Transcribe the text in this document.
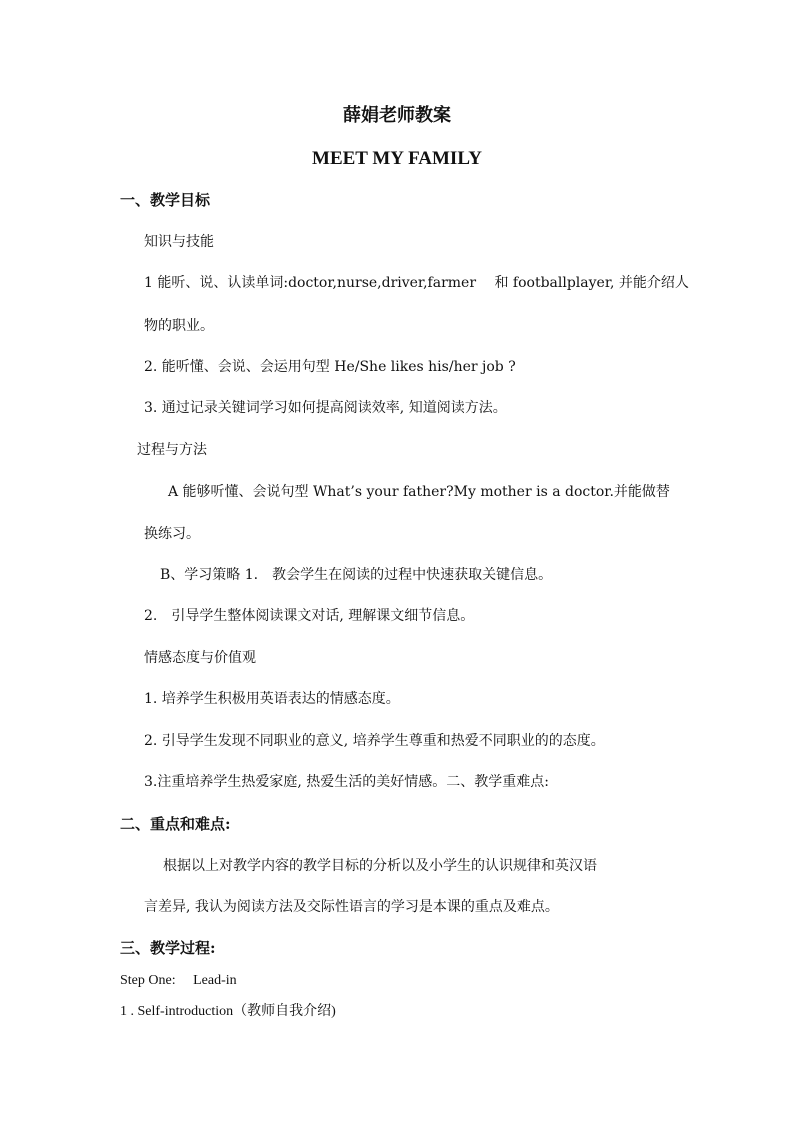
薛娟老师教案
MEET MY FAMILY
一、教学目标
知识与技能
1 能听、说、认读单词:doctor,nurse,driver,farmer　 和 footballplayer, 并能介绍人
物的职业。
2. 能听懂、会说、会运用句型 He/She likes his/her job ?
3. 通过记录关键词学习如何提高阅读效率, 知道阅读方法。
过程与方法
A 能够听懂、会说句型 What’s your father?My mother is a doctor.并能做替
换练习。
B、学习策略 1.　教会学生在阅读的过程中快速获取关键信息。
2.　引导学生整体阅读课文对话, 理解课文细节信息。
情感态度与价值观
1. 培养学生积极用英语表达的情感态度。
2. 引导学生发现不同职业的意义, 培养学生尊重和热爱不同职业的的态度。
3.注重培养学生热爱家庭, 热爱生活的美好情感。二、教学重难点:
二、重点和难点:
根据以上对教学内容的教学目标的分析以及小学生的认识规律和英汉语
言差异, 我认为阅读方法及交际性语言的学习是本课的重点及难点。
三、教学过程:
Step One:　 Lead-in
1 . Self-introduction（教师自我介绍)
